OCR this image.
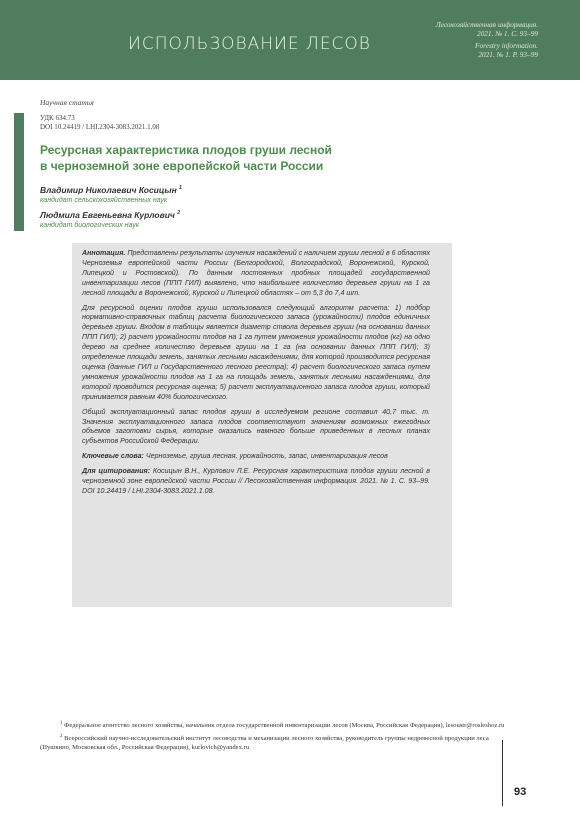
ИСПОЛЬЗОВАНИЕ ЛЕСОВ
Лесохозяйственная информация.
2021. № 1. С. 93–99
Forestry information.
2021. № 1. P. 93–99
Научная статья
УДК 634.73
DOI 10.24419 / LHI.2304-3083.2021.1.08
Ресурсная характеристика плодов груши лесной
в черноземной зоне европейской части России
Владимир Николаевич Косицын $^1$
кандидат сельскохозяйственных наук
Людмила Евгеньевна Курлович $^2$
кандидат биологических наук

Аннотация. Представлены результаты изучения насаждений с наличием груши лесной в 6 областях Черноземья европейской части России (Белгородской, Волгоградской, Воронежской, Курской, Липецкой и Ростовской). По данным постоянных пробных площадей государственной инвентаризации лесов (ППП ГИЛ) выявлено, что наибольшее количество деревьев груши на 1 га лесной площади в Воронежской, Курской и Липецкой областях – от 5,3 до 7,4 шт.

Для ресурсной оценки плодов груши использовался следующий алгоритм расчета: 1) подбор нормативно-справочных таблиц расчета биологического запаса (урожайности) плодов единичных деревьев груши. Входом в таблицы является диаметр ствола деревьев груши (на основании данных ППП ГИЛ); 2) расчет урожайности плодов на 1 га путем умножения урожайности плодов (кг) на одно дерево на среднее количество деревьев груши на 1 га (на основании данных ППП ГИЛ); 3) определение площади земель, занятых лесными насаждениями, для которой производится ресурсная оценка (данные ГИЛ и Государственного лесного реестра); 4) расчет биологического запаса путем умножения урожайности плодов на 1 га на площадь земель, занятых лесными насаждениями, для которой проводится ресурсная оценка; 5) расчет эксплуатационного запаса плодов груши, который принимается равным 40% биологического.

Общий эксплуатационный запас плодов груши в исследуемом регионе составил 40,7 тыс. т. Значения эксплуатационного запаса плодов соответствуют значениям возможных ежегодных объемов заготовки сырья, которые оказались намного больше приведенных в лесных планах субъектов Российской Федерации.

Ключевые слова: Черноземье, груша лесная, урожайность, запас, инвентаризация лесов

Для цитирования: Косицын В.Н., Курлович Л.Е. Ресурсная характеристика плодов груши лесной в черноземной зоне европейской части России // Лесохозяйственная информация. 2021. № 1. С. 93–99. DOI 10.24419 / LHI.2304-3083.2021.1.08.

$^1$ Федеральное агентство лесного хозяйства, начальник отдела государственной инвентаризации лесов (Москва, Российская Федерация), lesoustr@rosleshoz.ru

$^2$ Всероссийский научно-исследовательский институт лесоводства и механизации лесного хозяйства, руководитель группы недревесной продукции леса (Пушкино, Московская обл., Российская Федерация), kurlovich@yandex.ru

93
